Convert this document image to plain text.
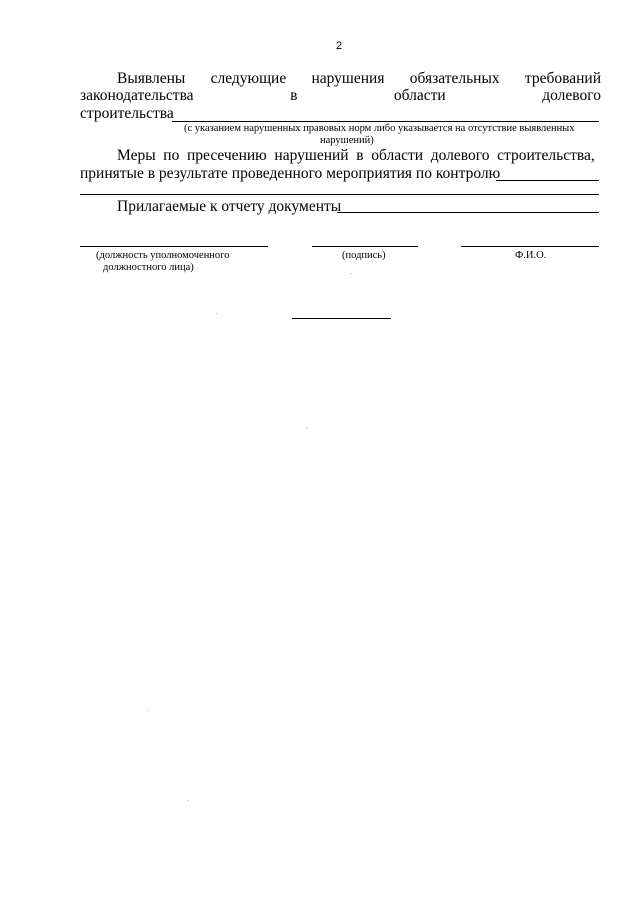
2
Выявлены следующие нарушения обязательных требований
законодательства	в	области	долевого
строительства
(с указанием нарушенных правовых норм либо указывается на отсутствие выявленных
нарушений)
Меры по пресечению нарушений в области долевого строительства,
принятые в результате проведенного мероприятия по контролю
Прилагаемые к отчету документы
(должность уполномоченного
должностного лица)
(подпись)	Ф.И.О.
